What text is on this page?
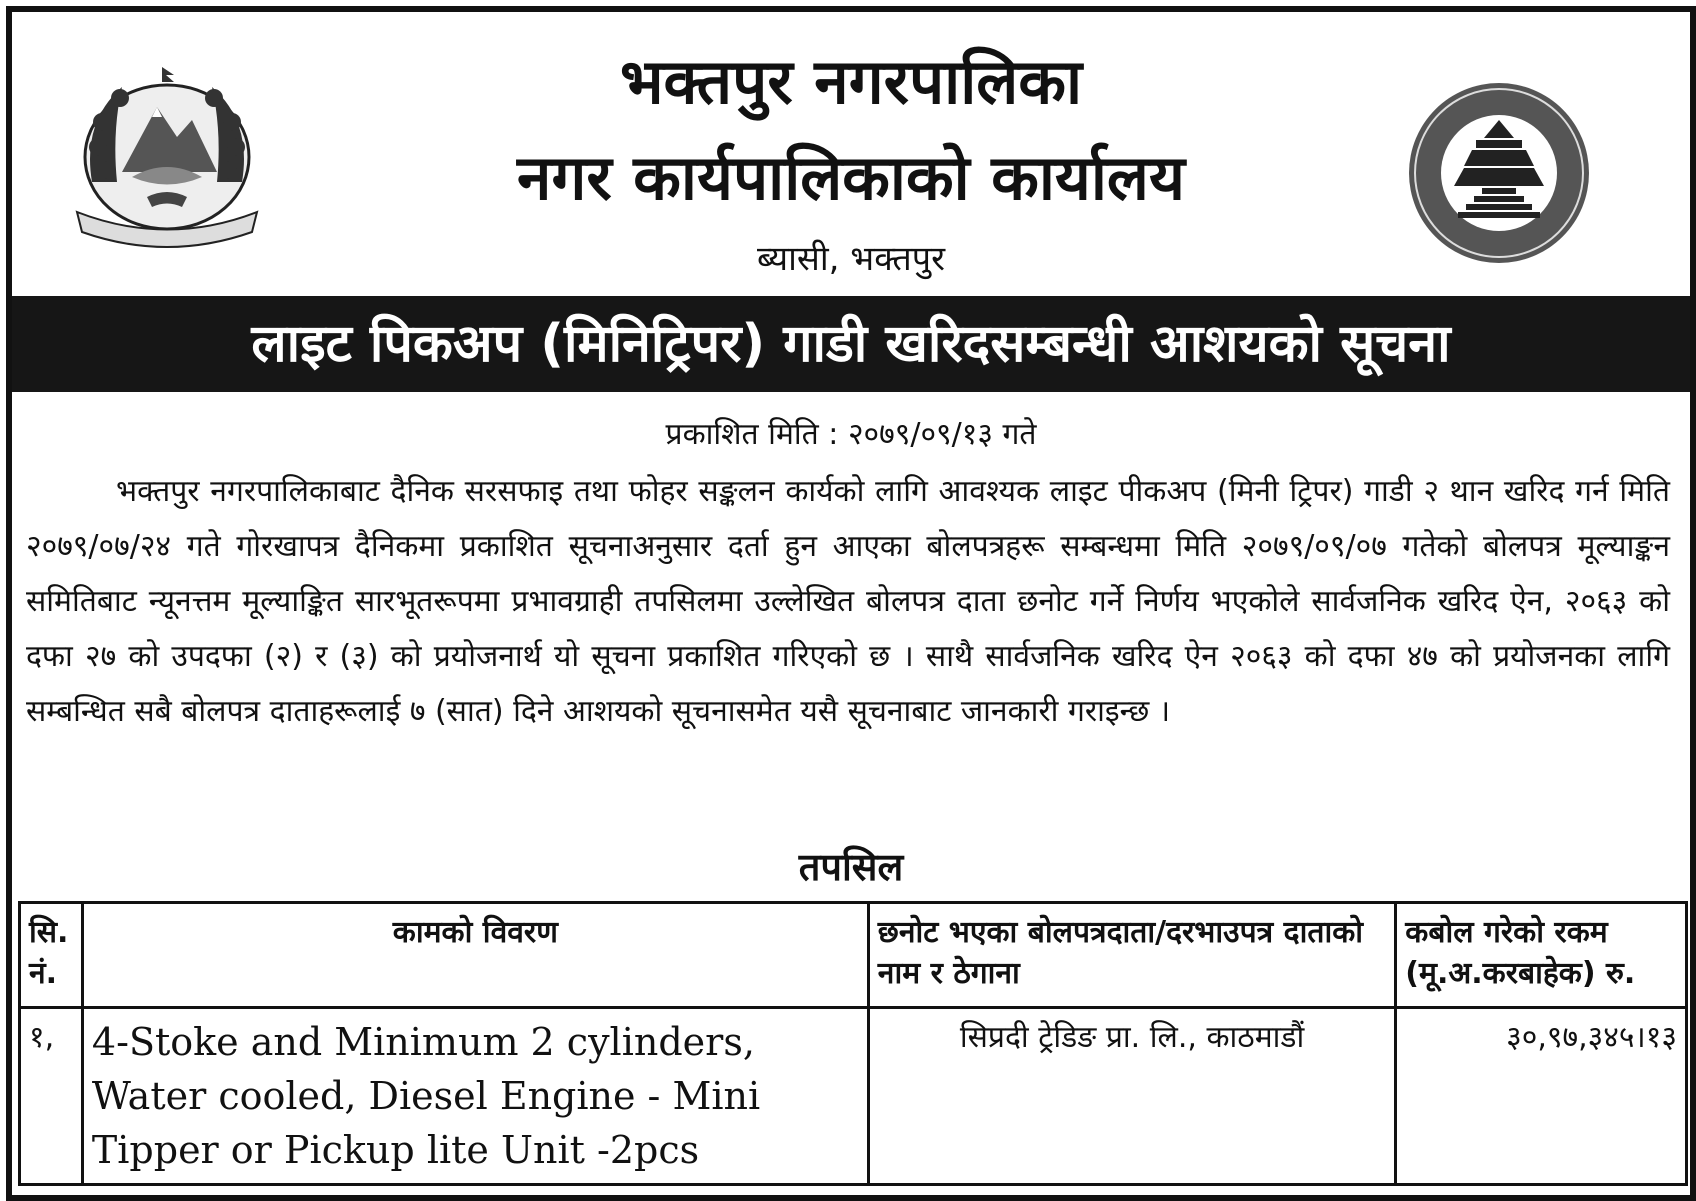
भक्तपुर नगरपालिका
नगर कार्यपालिकाको कार्यालय
ब्यासी, भक्तपुर
लाइट पिकअप (मिनिट्रिपर) गाडी खरिदसम्बन्धी आशयको सूचना
प्रकाशित मिति : २०७९/०९/१३ गते
भक्तपुर नगरपालिकाबाट दैनिक सरसफाइ तथा फोहर सङ्कलन कार्यको लागि आवश्यक लाइट पीकअप (मिनी ट्रिपर) गाडी २ थान खरिद गर्न मिति २०७९/०७/२४ गते गोरखापत्र दैनिकमा प्रकाशित सूचनाअनुसार दर्ता हुन आएका बोलपत्रहरू सम्बन्धमा मिति २०७९/०९/०७ गतेको बोलपत्र मूल्याङ्कन समितिबाट न्यूनत्तम मूल्याङ्कित सारभूतरूपमा प्रभावग्राही तपसिलमा उल्लेखित बोलपत्र दाता छनोट गर्ने निर्णय भएकोले सार्वजनिक खरिद ऐन, २०६३ को दफा २७ को उपदफा (२) र (३) को प्रयोजनार्थ यो सूचना प्रकाशित गरिएको छ । साथै सार्वजनिक खरिद ऐन २०६३ को दफा ४७ को प्रयोजनका लागि सम्बन्धित सबै बोलपत्र दाताहरूलाई ७ (सात) दिने आशयको सूचनासमेत यसै सूचनाबाट जानकारी गराइन्छ ।
तपसिल
सि. नं.	कामको विवरण	छनोट भएका बोलपत्रदाता/दरभाउपत्र दाताको नाम र ठेगाना	कबोल गरेको रकम (मू.अ.करबाहेक) रु.
१,	4-Stoke and Minimum 2 cylinders, Water cooled, Diesel Engine - Mini Tipper or Pickup lite Unit -2pcs	सिप्रदी ट्रेडिङ प्रा. लि., काठमाडौं	३०,९७,३४५।१३
